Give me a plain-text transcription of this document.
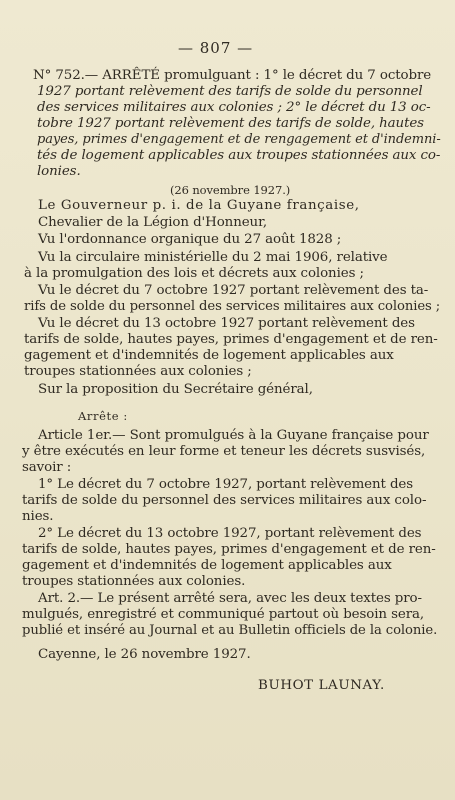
— 807 —
N° 752.— ARRÊTÉ promulguant : 1° le décret du 7 octobre
1927 portant relèvement des tarifs de solde du personnel
des services militaires aux colonies ; 2° le décret du 13 oc-
tobre 1927 portant relèvement des tarifs de solde, hautes
payes, primes d'engagement et de rengagement et d'indemni-
tés de logement applicables aux troupes stationnées aux co-
lonies.
(26 novembre 1927.)
Le Gouverneur p. i. de la Guyane française,
Chevalier de la Légion d'Honneur,
Vu l'ordonnance organique du 27 août 1828 ;
Vu la circulaire ministérielle du 2 mai 1906, relative
à la promulgation des lois et décrets aux colonies ;
Vu le décret du 7 octobre 1927 portant relèvement des ta-
rifs de solde du personnel des services militaires aux colonies ;
Vu le décret du 13 octobre 1927 portant relèvement des
tarifs de solde, hautes payes, primes d'engagement et de ren-
gagement et d'indemnités de logement applicables aux
troupes stationnées aux colonies ;
Sur la proposition du Secrétaire général,
Arrête :
Article 1er.— Sont promulgués à la Guyane française pour
y être exécutés en leur forme et teneur les décrets susvisés,
savoir :
1° Le décret du 7 octobre 1927, portant relèvement des
tarifs de solde du personnel des services militaires aux colo-
nies.
2° Le décret du 13 octobre 1927, portant relèvement des
tarifs de solde, hautes payes, primes d'engagement et de ren-
gagement et d'indemnités de logement applicables aux
troupes stationnées aux colonies.
Art. 2.— Le présent arrêté sera, avec les deux textes pro-
mulgués, enregistré et communiqué partout où besoin sera,
publié et inséré au Journal et au Bulletin officiels de la colonie.
Cayenne, le 26 novembre 1927.
BUHOT LAUNAY.
